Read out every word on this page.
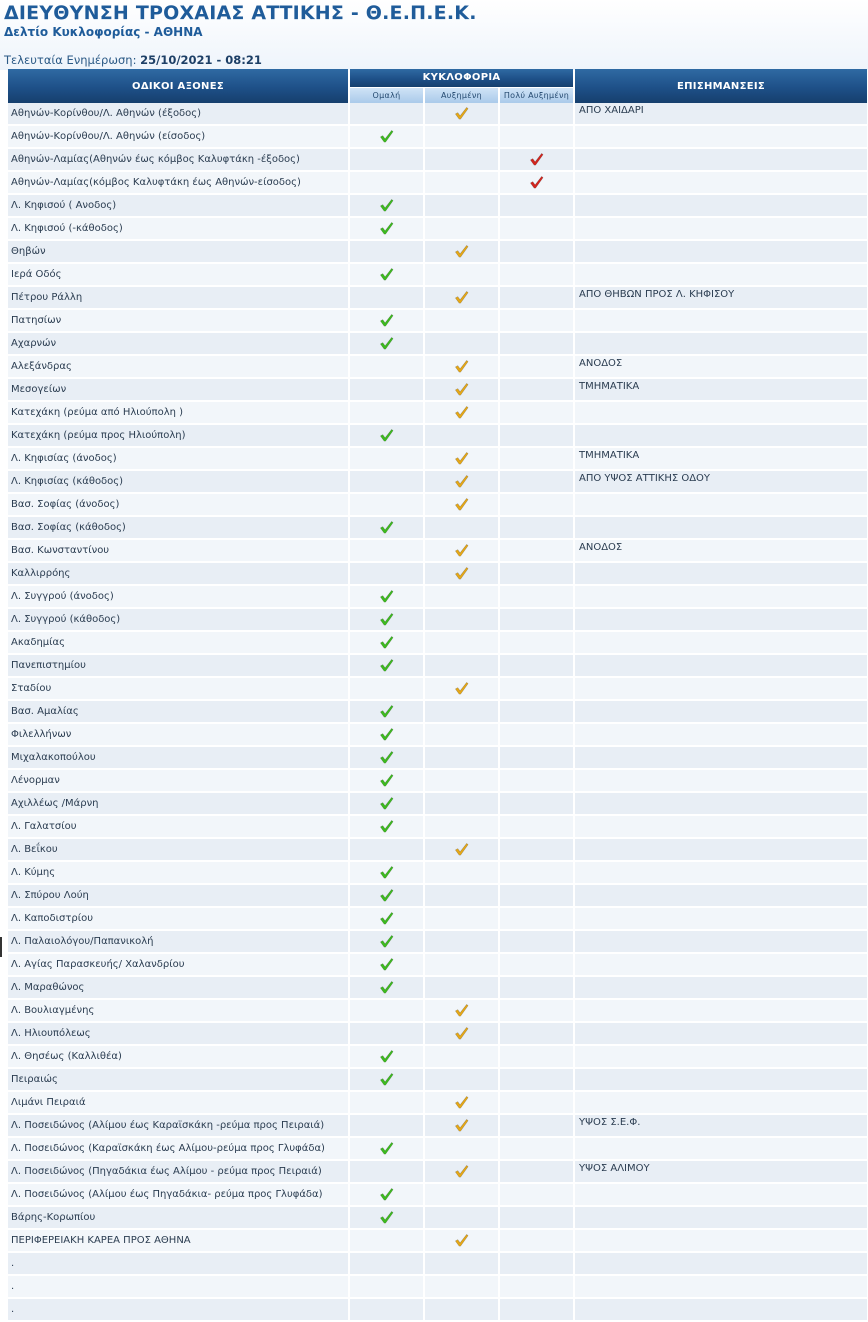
ΔΙΕΥΘΥΝΣΗ ΤΡΟΧΑΙΑΣ ΑΤΤΙΚΗΣ - Θ.Ε.Π.Ε.Κ.
Δελτίο Κυκλοφορίας - ΑΘΗΝΑ
Τελευταία Ενημέρωση: 25/10/2021 - 08:21
ΟΔΙΚΟΙ ΑΞΟΝΕΣ	ΚΥΚΛΟΦΟΡΙΑ			ΕΠΙΣΗΜΑΝΣΕΙΣ
	Ομαλή	Αυξημένη	Πολύ Αυξημένη	
Αθηνών-Κορίνθου/Λ. Αθηνών (έξοδος)				ΑΠΟ ΧΑΙΔΑΡΙ
Αθηνών-Κορίνθου/Λ. Αθηνών (είσοδος)				
Αθηνών-Λαμίας(Αθηνών έως κόμβος Καλυφτάκη -έξοδος)				
Αθηνών-Λαμίας(κόμβος Καλυφτάκη έως Αθηνών-είσοδος)				
Λ. Κηφισού ( Ανοδος)				
Λ. Κηφισού (-κάθοδος)				
Θηβών				
Ιερά Οδός				
Πέτρου Ράλλη				ΑΠΟ ΘΗΒΩΝ ΠΡΟΣ Λ. ΚΗΦΙΣΟΥ
Πατησίων				
Αχαρνών				
Αλεξάνδρας				ΑΝΟΔΟΣ
Μεσογείων				ΤΜΗΜΑΤΙΚΑ
Κατεχάκη (ρεύμα από Ηλιούπολη )				
Κατεχάκη (ρεύμα προς Ηλιούπολη)				
Λ. Κηφισίας (άνοδος)				ΤΜΗΜΑΤΙΚΑ
Λ. Κηφισίας (κάθοδος)				ΑΠΟ ΥΨΟΣ ΑΤΤΙΚΗΣ ΟΔΟΥ
Βασ. Σοφίας (άνοδος)				
Βασ. Σοφίας (κάθοδος)				
Βασ. Κωνσταντίνου				ΑΝΟΔΟΣ
Καλλιρρόης				
Λ. Συγγρού (άνοδος)				
Λ. Συγγρού (κάθοδος)				
Ακαδημίας				
Πανεπιστημίου				
Σταδίου				
Βασ. Αμαλίας				
Φιλελλήνων				
Μιχαλακοπούλου				
Λένορμαν				
Αχιλλέως /Μάρνη				
Λ. Γαλατσίου				
Λ. Βεΐκου				
Λ. Κύμης				
Λ. Σπύρου Λούη				
Λ. Καποδιστρίου				
Λ. Παλαιολόγου/Παπανικολή				
Λ. Αγίας Παρασκευής/ Χαλανδρίου				
Λ. Μαραθώνος				
Λ. Βουλιαγμένης				
Λ. Ηλιουπόλεως				
Λ. Θησέως (Καλλιθέα)				
Πειραιώς				
Λιμάνι Πειραιά				
Λ. Ποσειδώνος (Αλίμου έως Καραϊσκάκη -ρεύμα προς Πειραιά)				ΥΨΟΣ Σ.Ε.Φ.
Λ. Ποσειδώνος (Καραϊσκάκη έως Αλίμου-ρεύμα προς Γλυφάδα)				
Λ. Ποσειδώνος (Πηγαδάκια έως Αλίμου - ρεύμα προς Πειραιά)				ΥΨΟΣ ΑΛΙΜΟΥ
Λ. Ποσειδώνος (Αλίμου έως Πηγαδάκια- ρεύμα προς Γλυφάδα)				
Βάρης-Κορωπίου				
ΠΕΡΙΦΕΡΕΙΑΚΗ ΚΑΡΕΑ ΠΡΟΣ ΑΘΗΝΑ				
.				
.				
.				
